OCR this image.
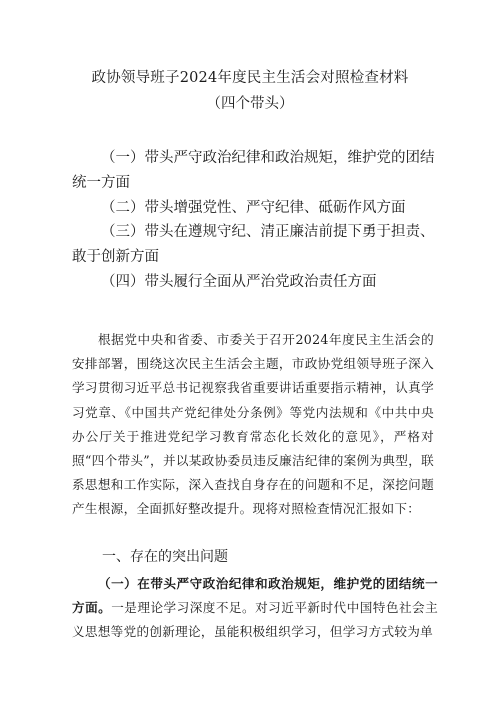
政协领导班子2024年度民主生活会对照检查材料
（四个带头）

（一）带头严守政治纪律和政治规矩，维护党的团结统一方面

（二）带头增强党性、严守纪律、砥砺作风方面

（三）带头在遵规守纪、清正廉洁前提下勇于担责、敢于创新方面

（四）带头履行全面从严治党政治责任方面

根据党中央和省委、市委关于召开2024年度民主生活会的安排部署，围绕这次民主生活会主题，市政协党组领导班子深入学习贯彻习近平总书记视察我省重要讲话重要指示精神，认真学习党章、《中国共产党纪律处分条例》等党内法规和《中共中央办公厅关于推进党纪学习教育常态化长效化的意见》，严格对照“四个带头”，并以某政协委员违反廉洁纪律的案例为典型，联系思想和工作实际，深入查找自身存在的问题和不足，深挖问题产生根源，全面抓好整改提升。现将对照检查情况汇报如下：

一、存在的突出问题

（一）在带头严守政治纪律和政治规矩，维护党的团结统一方面。一是理论学习深度不足。对习近平新时代中国特色社会主义思想等党的创新理论，虽能积极组织学习，但学习方式较为单
